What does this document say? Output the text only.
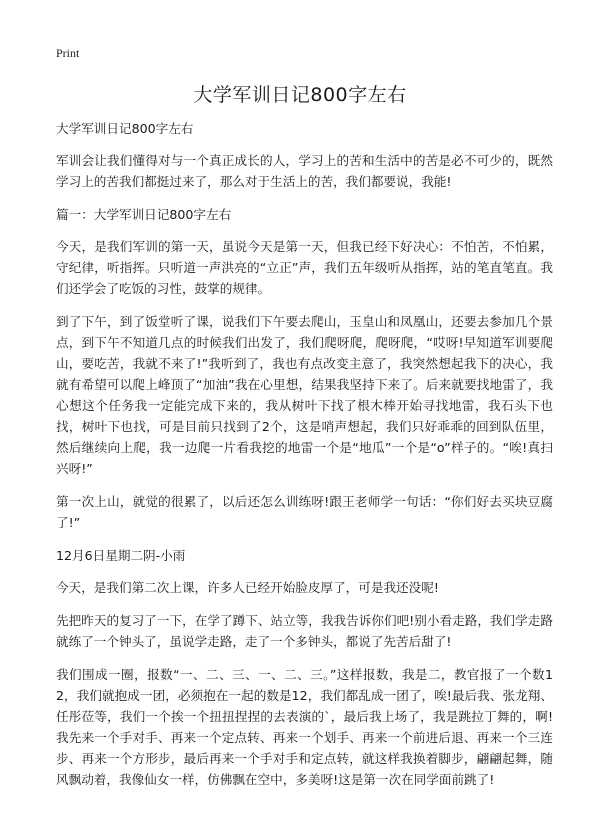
Print
大学军训日记800字左右

大学军训日记800字左右

军训会让我们懂得对与一个真正成长的人，学习上的苦和生活中的苦是必不可少的，既然学习上的苦我们都挺过来了，那么对于生活上的苦，我们都要说，我能!

篇一：大学军训日记800字左右

今天，是我们军训的第一天，虽说今天是第一天，但我已经下好决心：不怕苦，不怕累，守纪律，听指挥。只听道一声洪亮的“立正”声，我们五年级听从指挥，站的笔直笔直。我们还学会了吃饭的习性，鼓掌的规律。

到了下午，到了饭堂听了课，说我们下午要去爬山，玉皇山和凤凰山，还要去参加几个景点，到下午不知道几点的时候我们出发了，我们爬呀爬，爬呀爬，“哎呀!早知道军训要爬山，要吃苦，我就不来了!”我听到了，我也有点改变主意了，我突然想起我下的决心，我就有希望可以爬上峰顶了“加油”我在心里想，结果我坚持下来了。后来就要找地雷了，我心想这个任务我一定能完成下来的，我从树叶下找了根木棒开始寻找地雷，我石头下也找，树叶下也找，可是目前只找到了2个，这是哨声想起，我们只好乖乖的回到队伍里，然后继续向上爬，我一边爬一片看我挖的地雷一个是“地瓜”一个是“o”样子的。“唉!真扫兴呀!”

第一次上山，就觉的很累了，以后还怎么训练呀!跟王老师学一句话：“你们好去买块豆腐了!”

12月6日星期二阴-小雨

今天，是我们第二次上课，许多人已经开始脸皮厚了，可是我还没呢!

先把昨天的复习了一下，在学了蹲下、站立等，我我告诉你们吧!别小看走路，我们学走路就练了一个钟头了，虽说学走路，走了一个多钟头，都说了先苦后甜了!

我们围成一圈，报数“一、二、三、一、二、三。”这样报数，我是二，教官报了一个数12，我们就抱成一团，必须抱在一起的数是12，我们都乱成一团了，唉!最后我、张龙翔、任彤莅等，我们一个挨一个扭扭捏捏的去表演的`，最后我上场了，我是跳拉丁舞的，啊!我先来一个手对手、再来一个定点转、再来一个划手、再来一个前进后退、再来一个三连步、再来一个方形步，最后再来一个手对手和定点转，就这样我换着脚步，翩翩起舞，随风飘动着，我像仙女一样，仿佛飘在空中，多美呀!这是第一次在同学面前跳了!
